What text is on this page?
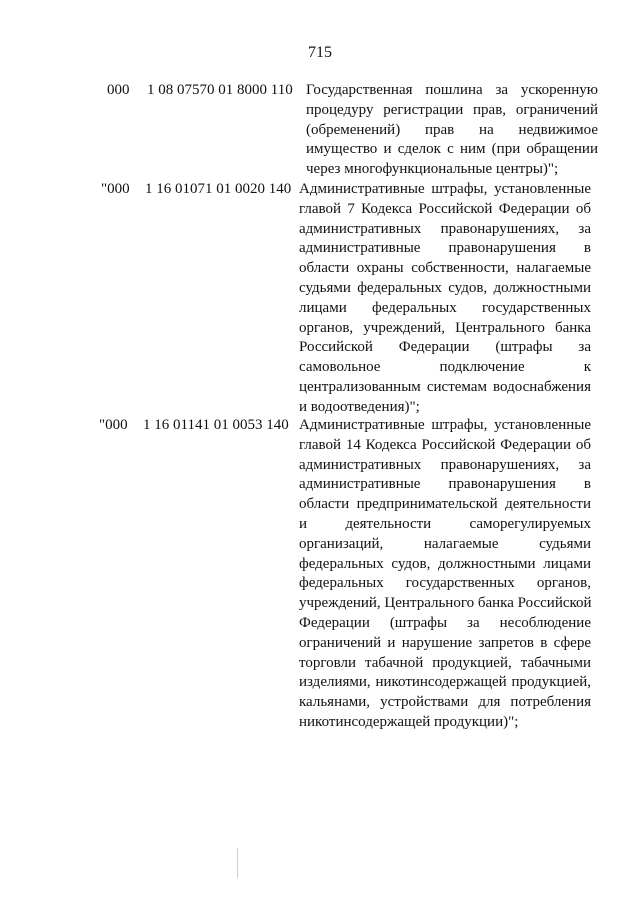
715
000 1 08 07570 01 8000 110 Государственная пошлина за ускоренную
процедуру регистрации прав, ограничений
(обременений) прав на недвижимое
имущество и сделок с ним (при обращении
через многофункциональные центры)";
"000 1 16 01071 01 0020 140 Административные штрафы, установленные
главой 7 Кодекса Российской Федерации об
административных правонарушениях, за
административные правонарушения в
области охраны собственности, налагаемые
судьями федеральных судов, должностными
лицами федеральных государственных
органов, учреждений, Центрального банка
Российской Федерации (штрафы за
самовольное подключение к
централизованным системам водоснабжения
и водоотведения)";
"000 1 16 01141 01 0053 140 Административные штрафы, установленные
главой 14 Кодекса Российской Федерации об
административных правонарушениях, за
административные правонарушения в
области предпринимательской деятельности
и деятельности саморегулируемых
организаций, налагаемые судьями
федеральных судов, должностными лицами
федеральных государственных органов,
учреждений, Центрального банка Российской
Федерации (штрафы за несоблюдение
ограничений и нарушение запретов в сфере
торговли табачной продукцией, табачными
изделиями, никотинсодержащей продукцией,
кальянами, устройствами для потребления
никотинсодержащей продукции)";
